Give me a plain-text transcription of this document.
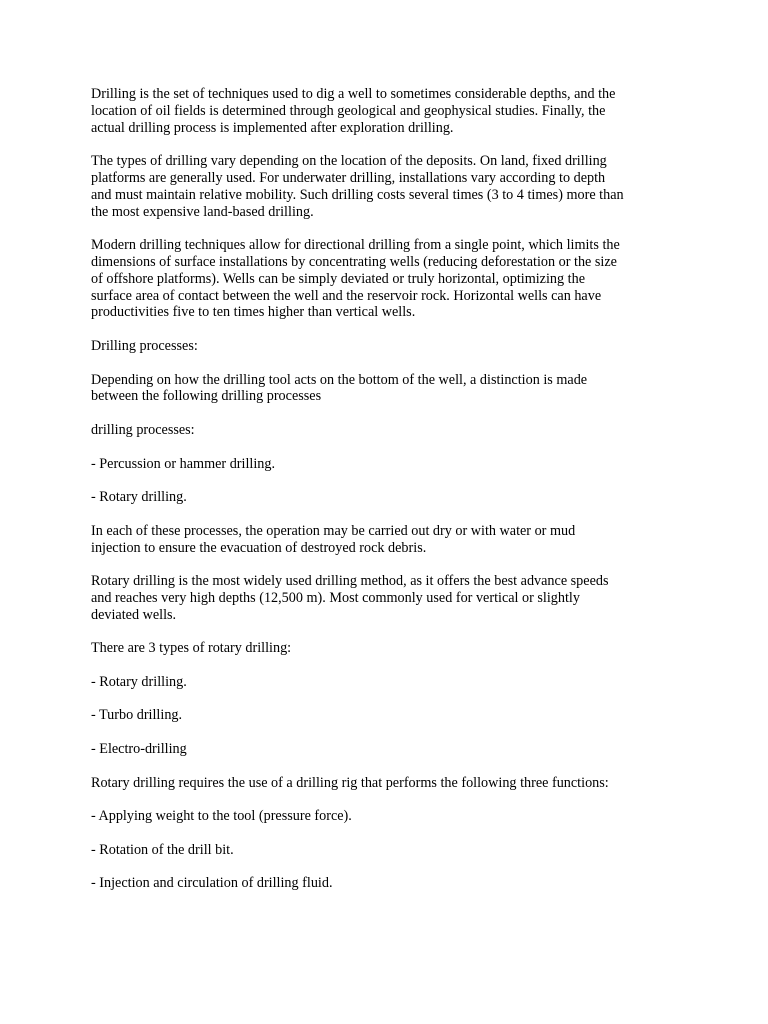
Drilling is the set of techniques used to dig a well to sometimes considerable depths, and the
location of oil fields is determined through geological and geophysical studies. Finally, the
actual drilling process is implemented after exploration drilling.

The types of drilling vary depending on the location of the deposits. On land, fixed drilling
platforms are generally used. For underwater drilling, installations vary according to depth
and must maintain relative mobility. Such drilling costs several times (3 to 4 times) more than
the most expensive land-based drilling.

Modern drilling techniques allow for directional drilling from a single point, which limits the
dimensions of surface installations by concentrating wells (reducing deforestation or the size
of offshore platforms). Wells can be simply deviated or truly horizontal, optimizing the
surface area of contact between the well and the reservoir rock. Horizontal wells can have
productivities five to ten times higher than vertical wells.

Drilling processes:

Depending on how the drilling tool acts on the bottom of the well, a distinction is made
between the following drilling processes

drilling processes:

- Percussion or hammer drilling.

- Rotary drilling.

In each of these processes, the operation may be carried out dry or with water or mud
injection to ensure the evacuation of destroyed rock debris.

Rotary drilling is the most widely used drilling method, as it offers the best advance speeds
and reaches very high depths (12,500 m). Most commonly used for vertical or slightly
deviated wells.

There are 3 types of rotary drilling:

- Rotary drilling.

- Turbo drilling.

- Electro-drilling

Rotary drilling requires the use of a drilling rig that performs the following three functions:

- Applying weight to the tool (pressure force).

- Rotation of the drill bit.

- Injection and circulation of drilling fluid.
